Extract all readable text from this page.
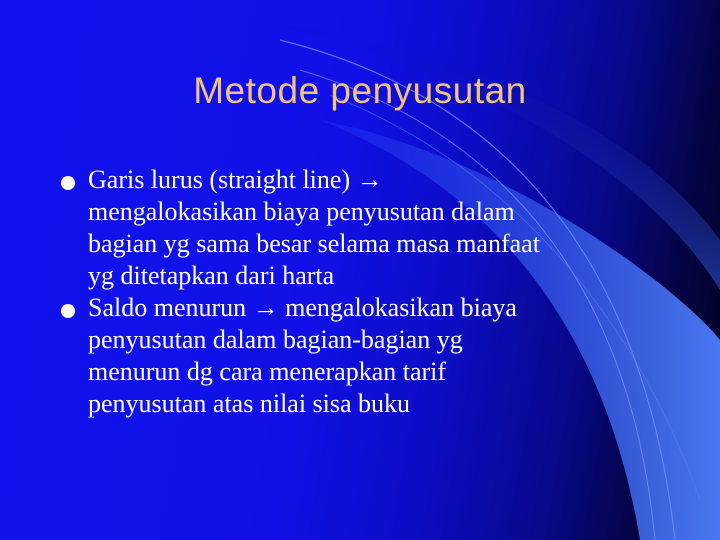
Metode penyusutan
Garis lurus (straight line) →
mengalokasikan biaya penyusutan dalam
bagian yg sama besar selama masa manfaat
yg ditetapkan dari harta
Saldo menurun → mengalokasikan biaya
penyusutan dalam bagian-bagian yg
menurun dg cara menerapkan tarif
penyusutan atas nilai sisa buku
